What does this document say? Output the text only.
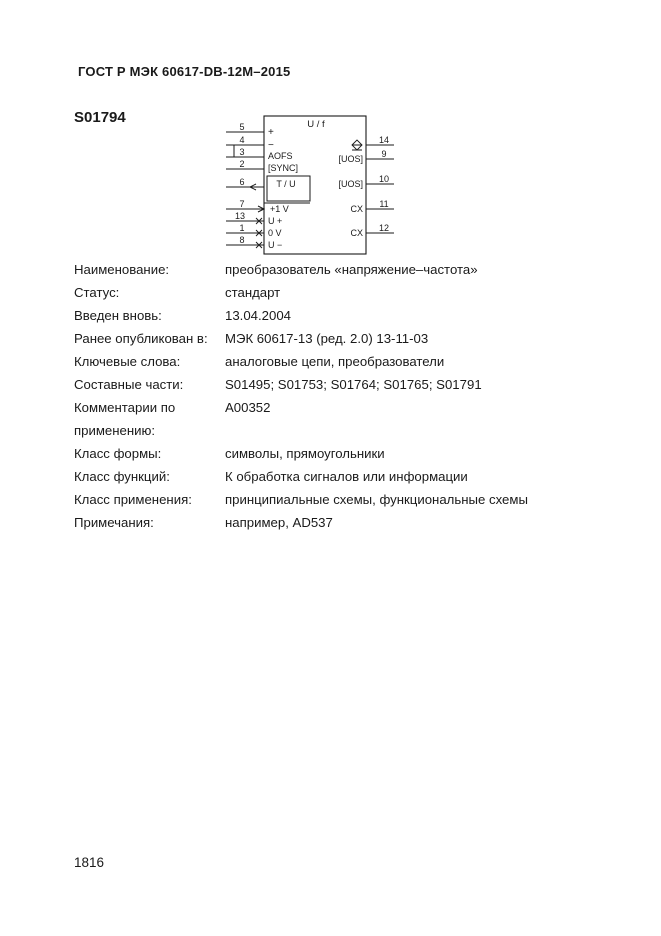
ГОСТ Р МЭК 60617-DB-12M–2015
S01794	U / f
T / U
5
4
3
2
6
7
13
1
8
+
−
AOFS
[SYNC]
+1 V
U +
0 V
U −
14
9
10
11
12
[UOS]
[UOS]
CX
CX
Наименование:	преобразователь «напряжение–частота»
Статус:	стандарт
Введен вновь:	13.04.2004
Ранее опубликован в:	МЭК 60617-13 (ред. 2.0) 13-11-03
Ключевые слова:	аналоговые цепи, преобразователи
Составные части:	S01495; S01753; S01764; S01765; S01791
Комментарии по	A00352
применению:
Класс формы:	символы, прямоугольники
Класс функций:	К обработка сигналов или информации
Класс применения:	принципиальные схемы, функциональные схемы
Примечания:	например, AD537
1816
